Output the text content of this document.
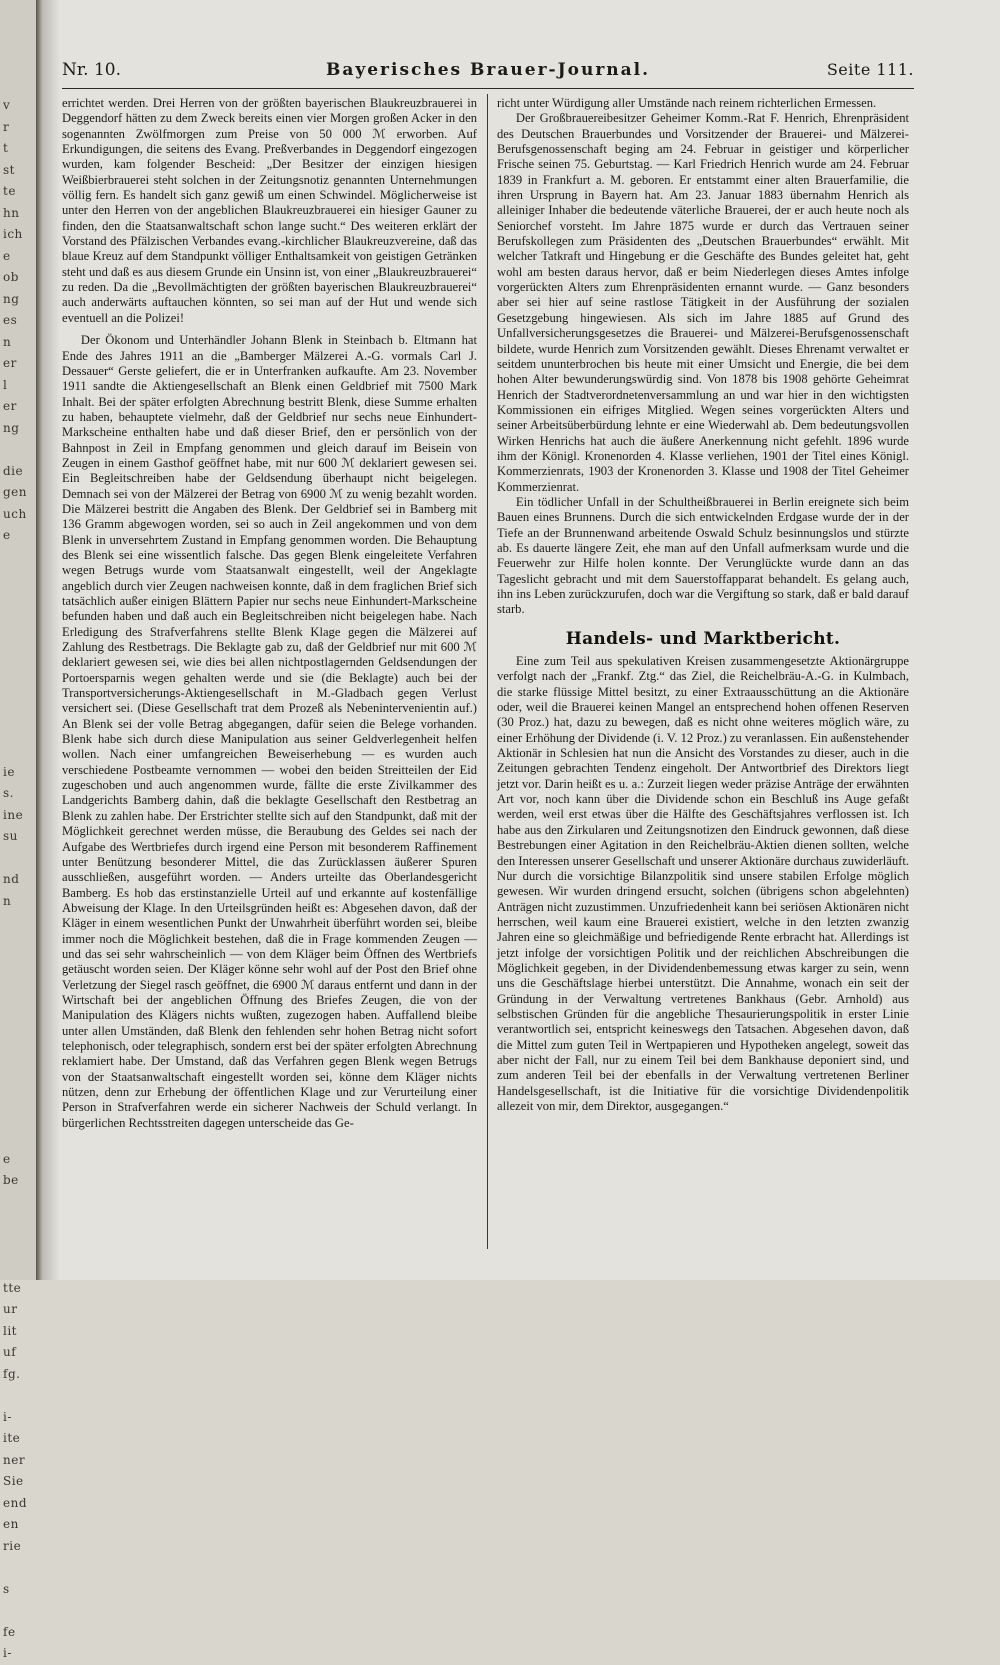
v
r
t
st
te
hn
ich
e
ob
ng
es
n
er
l
er
ng

die
gen
uch
e

ie
s.
ine
su

nd
n

e
be

tte
ur
lit
uf
fg.

i-
ite
ner
Sie
end
en
rie

s

fe
i-
Nr. 10.	Bayerisches Brauer-Journal.	Seite 111.

errichtet werden. Drei Herren von der größten bayerischen Blaukreuzbrauerei in Deggendorf hätten zu dem Zweck bereits einen vier Morgen großen Acker in den sogenannten Zwölfmorgen zum Preise von 50 000 ℳ erworben. Auf Erkundigungen, die seitens des Evang. Preßverbandes in Deggendorf eingezogen wurden, kam folgender Bescheid: „Der Besitzer der einzigen hiesigen Weißbierbrauerei steht solchen in der Zeitungsnotiz genannten Unternehmungen völlig fern. Es handelt sich ganz gewiß um einen Schwindel. Möglicherweise ist unter den Herren von der angeblichen Blaukreuzbrauerei ein hiesiger Gauner zu finden, den die Staatsanwaltschaft schon lange sucht.“ Des weiteren erklärt der Vorstand des Pfälzischen Verbandes evang.-kirchlicher Blaukreuzvereine, daß das blaue Kreuz auf dem Standpunkt völliger Enthaltsamkeit von geistigen Getränken steht und daß es aus diesem Grunde ein Unsinn ist, von einer „Blaukreuzbrauerei“ zu reden. Da die „Bevollmächtigten der größten bayerischen Blaukreuzbrauerei“ auch anderwärts auftauchen könnten, so sei man auf der Hut und wende sich eventuell an die Polizei!

Der Ökonom und Unterhändler Johann Blenk in Steinbach b. Eltmann hat Ende des Jahres 1911 an die „Bamberger Mälzerei A.-G. vormals Carl J. Dessauer“ Gerste geliefert, die er in Unterfranken aufkaufte. Am 23. November 1911 sandte die Aktiengesellschaft an Blenk einen Geldbrief mit 7500 Mark Inhalt. Bei der später erfolgten Abrechnung bestritt Blenk, diese Summe erhalten zu haben, behauptete vielmehr, daß der Geldbrief nur sechs neue Einhundert-Markscheine enthalten habe und daß dieser Brief, den er persönlich von der Bahnpost in Zeil in Empfang genommen und gleich darauf im Beisein von Zeugen in einem Gasthof geöffnet habe, mit nur 600 ℳ deklariert gewesen sei. Ein Begleitschreiben habe der Geldsendung überhaupt nicht beigelegen. Demnach sei von der Mälzerei der Betrag von 6900 ℳ zu wenig bezahlt worden. Die Mälzerei bestritt die Angaben des Blenk. Der Geldbrief sei in Bamberg mit 136 Gramm abgewogen worden, sei so auch in Zeil angekommen und von dem Blenk in unversehrtem Zustand in Empfang genommen worden. Die Behauptung des Blenk sei eine wissentlich falsche. Das gegen Blenk eingeleitete Verfahren wegen Betrugs wurde vom Staatsanwalt eingestellt, weil der Angeklagte angeblich durch vier Zeugen nachweisen konnte, daß in dem fraglichen Brief sich tatsächlich außer einigen Blättern Papier nur sechs neue Einhundert-Markscheine befunden haben und daß auch ein Begleitschreiben nicht beigelegen habe. Nach Erledigung des Strafverfahrens stellte Blenk Klage gegen die Mälzerei auf Zahlung des Restbetrags. Die Beklagte gab zu, daß der Geldbrief nur mit 600 ℳ deklariert gewesen sei, wie dies bei allen nichtpostlagernden Geldsendungen der Portoersparnis wegen gehalten werde und sie (die Beklagte) auch bei der Transportversicherungs-Aktiengesellschaft in M.-Gladbach gegen Verlust versichert sei. (Diese Gesellschaft trat dem Prozeß als Nebenintervenientin auf.) An Blenk sei der volle Betrag abgegangen, dafür seien die Belege vorhanden. Blenk habe sich durch diese Manipulation aus seiner Geldverlegenheit helfen wollen. Nach einer umfangreichen Beweiserhebung — es wurden auch verschiedene Postbeamte vernommen — wobei den beiden Streitteilen der Eid zugeschoben und auch angenommen wurde, fällte die erste Zivilkammer des Landgerichts Bamberg dahin, daß die beklagte Gesellschaft den Restbetrag an Blenk zu zahlen habe. Der Erstrichter stellte sich auf den Standpunkt, daß mit der Möglichkeit gerechnet werden müsse, die Beraubung des Geldes sei nach der Aufgabe des Wertbriefes durch irgend eine Person mit besonderem Raffinement unter Benützung besonderer Mittel, die das Zurücklassen äußerer Spuren ausschließen, ausgeführt worden. — Anders urteilte das Oberlandesgericht Bamberg. Es hob das erstinstanzielle Urteil auf und erkannte auf kostenfällige Abweisung der Klage. In den Urteilsgründen heißt es: Abgesehen davon, daß der Kläger in einem wesentlichen Punkt der Unwahrheit überführt worden sei, bleibe immer noch die Möglichkeit bestehen, daß die in Frage kommenden Zeugen — und das sei sehr wahrscheinlich — von dem Kläger beim Öffnen des Wertbriefs getäuscht worden seien. Der Kläger könne sehr wohl auf der Post den Brief ohne Verletzung der Siegel rasch geöffnet, die 6900 ℳ daraus entfernt und dann in der Wirtschaft bei der angeblichen Öffnung des Briefes Zeugen, die von der Manipulation des Klägers nichts wußten, zugezogen haben. Auffallend bleibe unter allen Umständen, daß Blenk den fehlenden sehr hohen Betrag nicht sofort telephonisch, oder telegraphisch, sondern erst bei der später erfolgten Abrechnung reklamiert habe. Der Umstand, daß das Verfahren gegen Blenk wegen Betrugs von der Staatsanwaltschaft eingestellt worden sei, könne dem Kläger nichts nützen, denn zur Erhebung der öffentlichen Klage und zur Verurteilung einer Person in Strafverfahren werde ein sicherer Nachweis der Schuld verlangt. In bürgerlichen Rechtsstreiten dagegen unterscheide das Ge-

richt unter Würdigung aller Umstände nach reinem richterlichen Ermessen.

Der Großbrauereibesitzer Geheimer Komm.-Rat F. Henrich, Ehrenpräsident des Deutschen Brauerbundes und Vorsitzender der Brauerei- und Mälzerei-Berufsgenossenschaft beging am 24. Februar in geistiger und körperlicher Frische seinen 75. Geburtstag. — Karl Friedrich Henrich wurde am 24. Februar 1839 in Frankfurt a. M. geboren. Er entstammt einer alten Brauerfamilie, die ihren Ursprung in Bayern hat. Am 23. Januar 1883 übernahm Henrich als alleiniger Inhaber die bedeutende väterliche Brauerei, der er auch heute noch als Seniorchef vorsteht. Im Jahre 1875 wurde er durch das Vertrauen seiner Berufskollegen zum Präsidenten des „Deutschen Brauerbundes“ erwählt. Mit welcher Tatkraft und Hingebung er die Geschäfte des Bundes geleitet hat, geht wohl am besten daraus hervor, daß er beim Niederlegen dieses Amtes infolge vorgerückten Alters zum Ehrenpräsidenten ernannt wurde. — Ganz besonders aber sei hier auf seine rastlose Tätigkeit in der Ausführung der sozialen Gesetzgebung hingewiesen. Als sich im Jahre 1885 auf Grund des Unfallversicherungsgesetzes die Brauerei- und Mälzerei-Berufsgenossenschaft bildete, wurde Henrich zum Vorsitzenden gewählt. Dieses Ehrenamt verwaltet er seitdem ununterbrochen bis heute mit einer Umsicht und Energie, die bei dem hohen Alter bewunderungswürdig sind. Von 1878 bis 1908 gehörte Geheimrat Henrich der Stadtverordnetenversammlung an und war hier in den wichtigsten Kommissionen ein eifriges Mitglied. Wegen seines vorgerückten Alters und seiner Arbeitsüberbürdung lehnte er eine Wiederwahl ab. Dem bedeutungsvollen Wirken Henrichs hat auch die äußere Anerkennung nicht gefehlt. 1896 wurde ihm der Königl. Kronenorden 4. Klasse verliehen, 1901 der Titel eines Königl. Kommerzienrats, 1903 der Kronenorden 3. Klasse und 1908 der Titel Geheimer Kommerzienrat.

Ein tödlicher Unfall in der Schultheißbrauerei in Berlin ereignete sich beim Bauen eines Brunnens. Durch die sich entwickelnden Erdgase wurde der in der Tiefe an der Brunnenwand arbeitende Oswald Schulz besinnungslos und stürzte ab. Es dauerte längere Zeit, ehe man auf den Unfall aufmerksam wurde und die Feuerwehr zur Hilfe holen konnte. Der Verunglückte wurde dann an das Tageslicht gebracht und mit dem Sauerstoffapparat behandelt. Es gelang auch, ihn ins Leben zurückzurufen, doch war die Vergiftung so stark, daß er bald darauf starb.

Handels- und Marktbericht.

Eine zum Teil aus spekulativen Kreisen zusammengesetzte Aktionärgruppe verfolgt nach der „Frankf. Ztg.“ das Ziel, die Reichelbräu-A.-G. in Kulmbach, die starke flüssige Mittel besitzt, zu einer Extraausschüttung an die Aktionäre oder, weil die Brauerei keinen Mangel an entsprechend hohen offenen Reserven (30 Proz.) hat, dazu zu bewegen, daß es nicht ohne weiteres möglich wäre, zu einer Erhöhung der Dividende (i. V. 12 Proz.) zu veranlassen. Ein außenstehender Aktionär in Schlesien hat nun die Ansicht des Vorstandes zu dieser, auch in die Zeitungen gebrachten Tendenz eingeholt. Der Antwortbrief des Direktors liegt jetzt vor. Darin heißt es u. a.: Zurzeit liegen weder präzise Anträge der erwähnten Art vor, noch kann über die Dividende schon ein Beschluß ins Auge gefaßt werden, weil erst etwas über die Hälfte des Geschäftsjahres verflossen ist. Ich habe aus den Zirkularen und Zeitungsnotizen den Eindruck gewonnen, daß diese Bestrebungen einer Agitation in den Reichelbräu-Aktien dienen sollten, welche den Interessen unserer Gesellschaft und unserer Aktionäre durchaus zuwiderläuft. Nur durch die vorsichtige Bilanzpolitik sind unsere stabilen Erfolge möglich gewesen. Wir wurden dringend ersucht, solchen (übrigens schon abgelehnten) Anträgen nicht zuzustimmen. Unzufriedenheit kann bei seriösen Aktionären nicht herrschen, weil kaum eine Brauerei existiert, welche in den letzten zwanzig Jahren eine so gleichmäßige und befriedigende Rente erbracht hat. Allerdings ist jetzt infolge der vorsichtigen Politik und der reichlichen Abschreibungen die Möglichkeit gegeben, in der Dividendenbemessung etwas karger zu sein, wenn uns die Geschäftslage hierbei unterstützt. Die Annahme, wonach ein seit der Gründung in der Verwaltung vertretenes Bankhaus (Gebr. Arnhold) aus selbstischen Gründen für die angebliche Thesaurierungspolitik in erster Linie verantwortlich sei, entspricht keineswegs den Tatsachen. Abgesehen davon, daß die Mittel zum guten Teil in Wertpapieren und Hypotheken angelegt, soweit das aber nicht der Fall, nur zu einem Teil bei dem Bankhause deponiert sind, und zum anderen Teil bei der ebenfalls in der Verwaltung vertretenen Berliner Handelsgesellschaft, ist die Initiative für die vorsichtige Dividendenpolitik allezeit von mir, dem Direktor, ausgegangen.“
